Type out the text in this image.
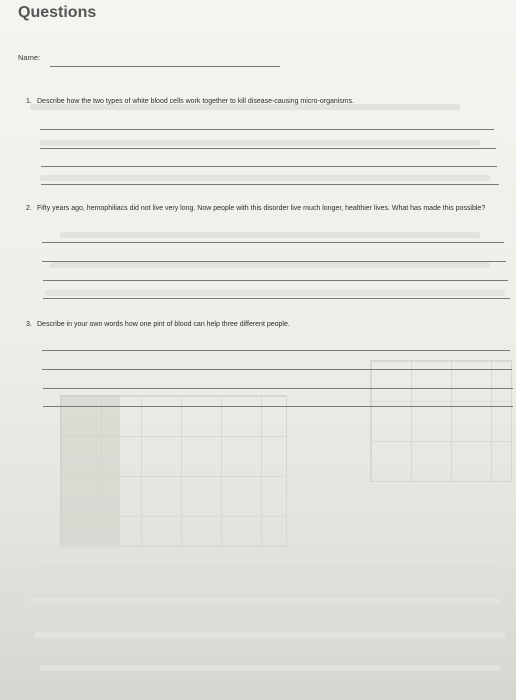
Questions
Name:
1. Describe how the two types of white blood cells work together to kill disease-causing micro-organisms.
2. Fifty years ago, hemophiliacs did not live very long. Now people with this disorder live much longer, healthier lives. What has made this possible?
3. Describe in your own words how one pint of blood can help three different people.
